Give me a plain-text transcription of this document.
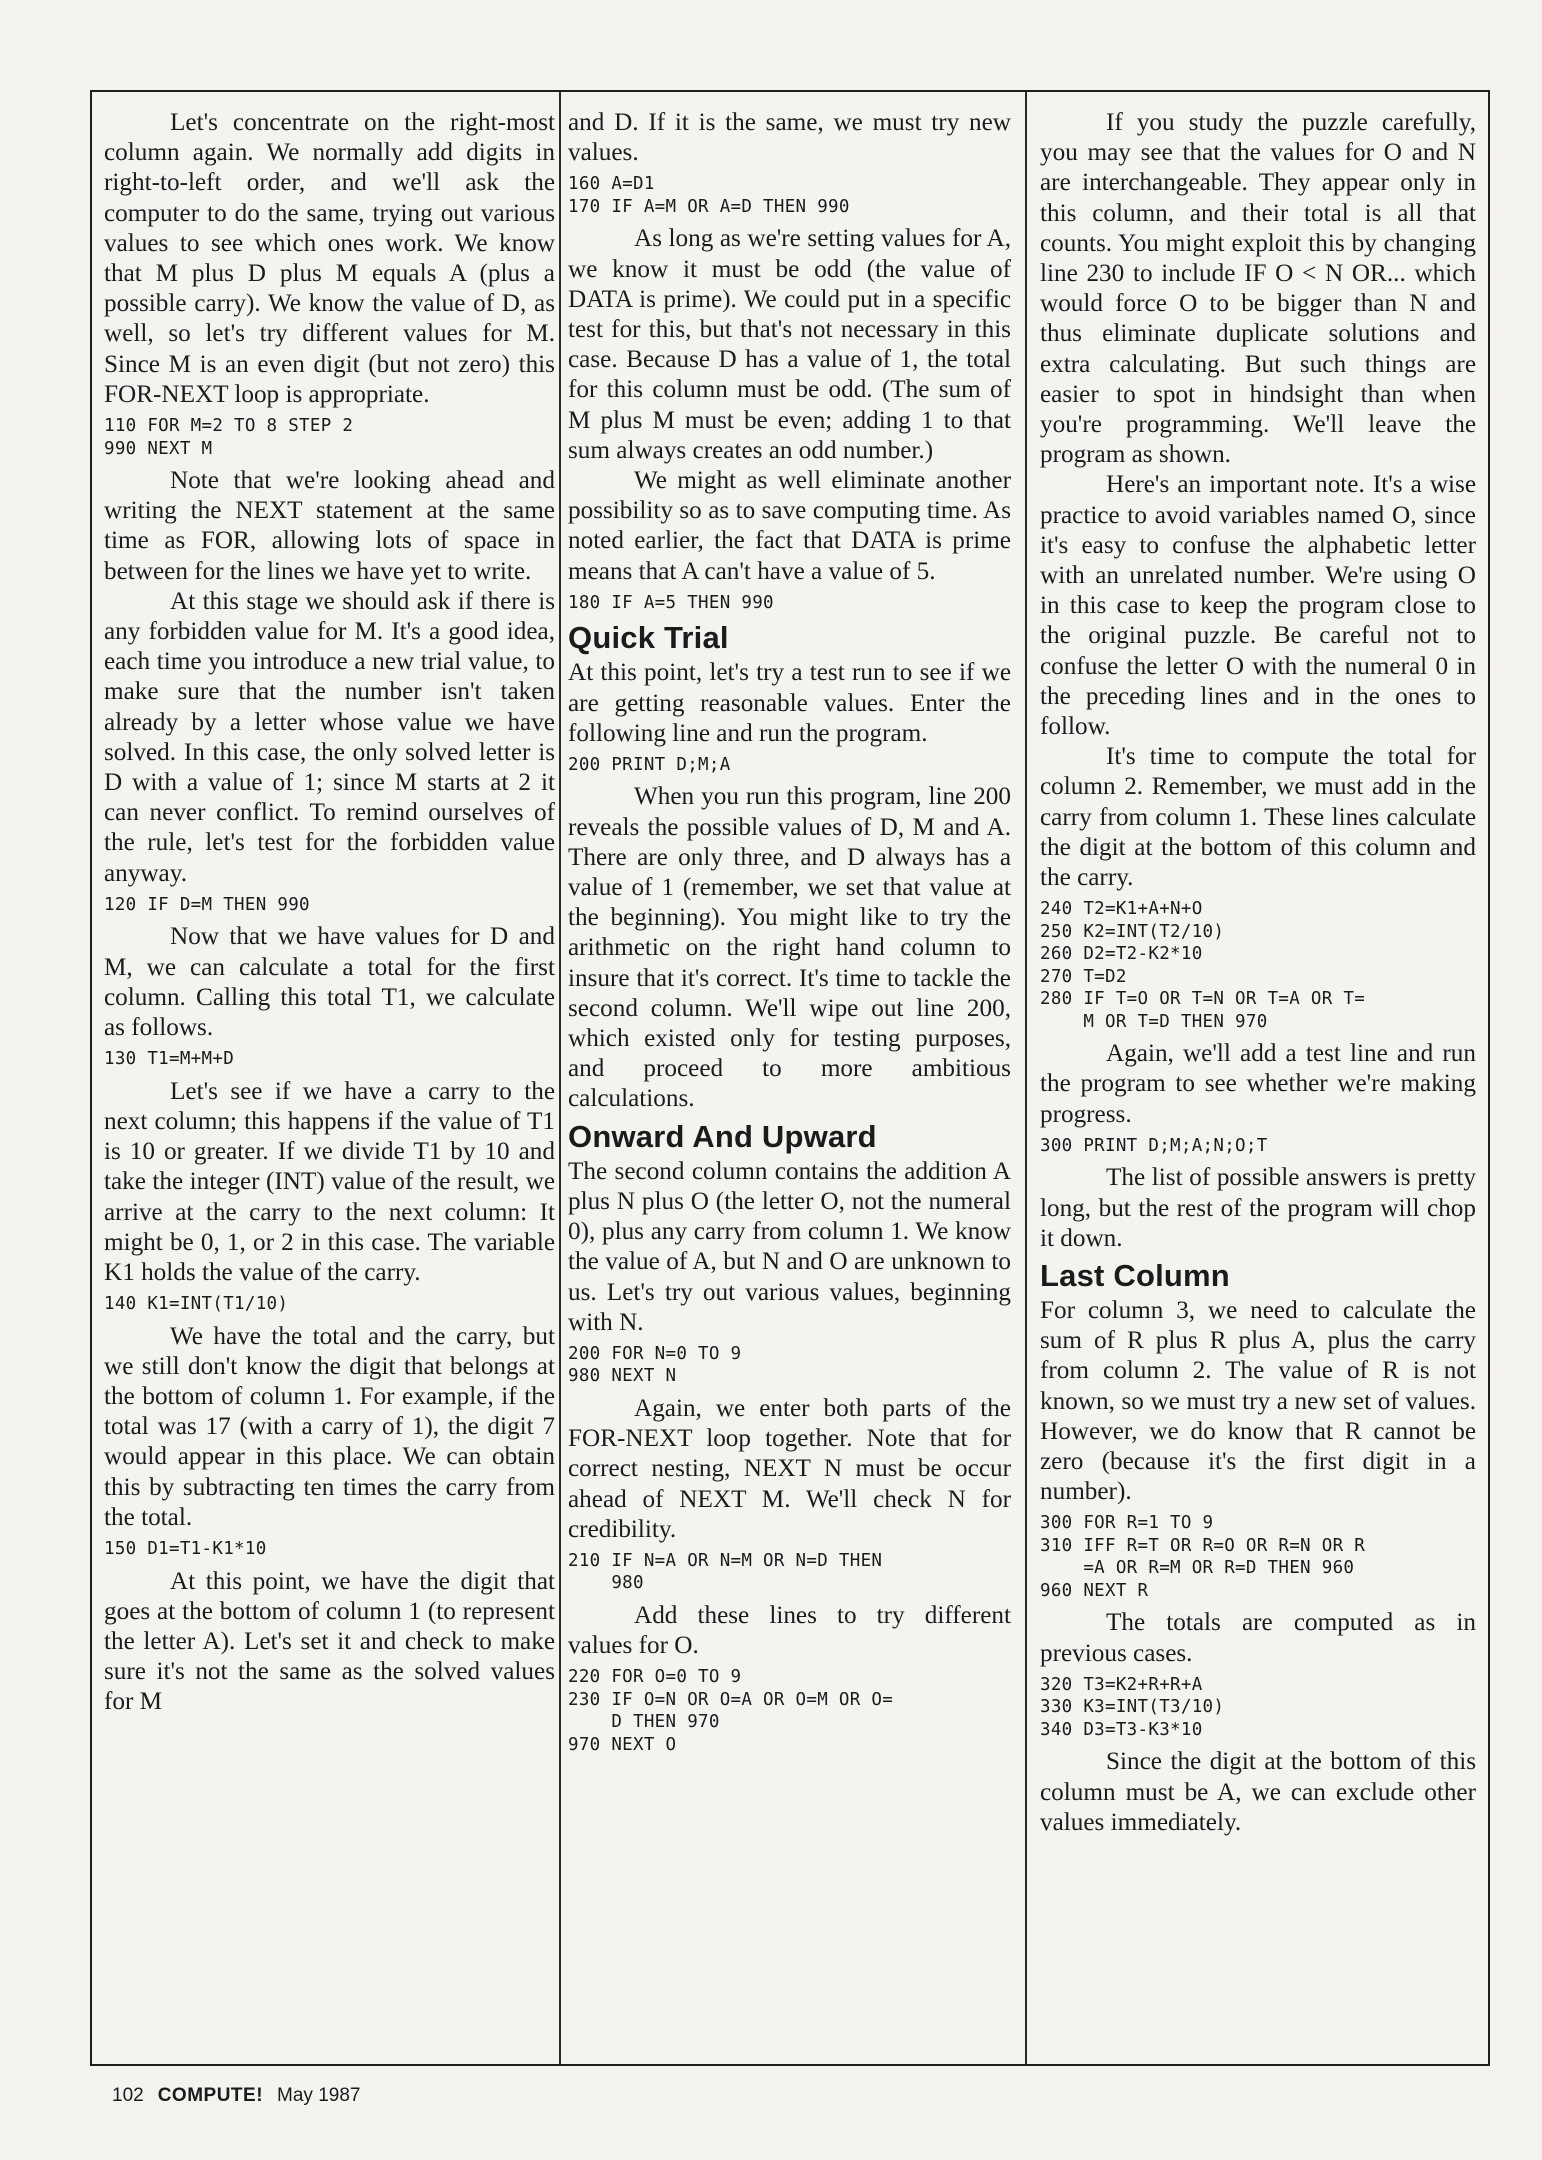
Let's concentrate on the right-most column again. We normally add digits in right-to-left order, and we'll ask the computer to do the same, trying out various values to see which ones work. We know that M plus D plus M equals A (plus a possible carry). We know the value of D, as well, so let's try different values for M. Since M is an even digit (but not zero) this FOR-NEXT loop is appropriate.

110 FOR M=2 TO 8 STEP 2
990 NEXT M

Note that we're looking ahead and writing the NEXT statement at the same time as FOR, allowing lots of space in between for the lines we have yet to write.

At this stage we should ask if there is any forbidden value for M. It's a good idea, each time you introduce a new trial value, to make sure that the number isn't taken already by a letter whose value we have solved. In this case, the only solved letter is D with a value of 1; since M starts at 2 it can never conflict. To remind ourselves of the rule, let's test for the forbidden value anyway.

120 IF D=M THEN 990

Now that we have values for D and M, we can calculate a total for the first column. Calling this total T1, we calculate as follows.

130 T1=M+M+D

Let's see if we have a carry to the next column; this happens if the value of T1 is 10 or greater. If we divide T1 by 10 and take the integer (INT) value of the result, we arrive at the carry to the next column: It might be 0, 1, or 2 in this case. The variable K1 holds the value of the carry.

140 K1=INT(T1/10)

We have the total and the carry, but we still don't know the digit that belongs at the bottom of column 1. For example, if the total was 17 (with a carry of 1), the digit 7 would appear in this place. We can obtain this by subtracting ten times the carry from the total.

150 D1=T1-K1*10

At this point, we have the digit that goes at the bottom of column 1 (to represent the letter A). Let's set it and check to make sure it's not the same as the solved values for M

and D. If it is the same, we must try new values.

160 A=D1
170 IF A=M OR A=D THEN 990

As long as we're setting values for A, we know it must be odd (the value of DATA is prime). We could put in a specific test for this, but that's not necessary in this case. Because D has a value of 1, the total for this column must be odd. (The sum of M plus M must be even; adding 1 to that sum always creates an odd number.)

We might as well eliminate another possibility so as to save computing time. As noted earlier, the fact that DATA is prime means that A can't have a value of 5.

180 IF A=5 THEN 990
Quick Trial

At this point, let's try a test run to see if we are getting reasonable values. Enter the following line and run the program.

200 PRINT D;M;A

When you run this program, line 200 reveals the possible values of D, M and A. There are only three, and D always has a value of 1 (remember, we set that value at the beginning). You might like to try the arithmetic on the right hand column to insure that it's correct. It's time to tackle the second column. We'll wipe out line 200, which existed only for testing purposes, and proceed to more ambitious calculations.

Onward And Upward

The second column contains the addition A plus N plus O (the letter O, not the numeral 0), plus any carry from column 1. We know the value of A, but N and O are unknown to us. Let's try out various values, beginning with N.

200 FOR N=0 TO 9
980 NEXT N

Again, we enter both parts of the FOR-NEXT loop together. Note that for correct nesting, NEXT N must be occur ahead of NEXT M. We'll check N for credibility.

210 IF N=A OR N=M OR N=D THEN
980

Add these lines to try different values for O.

220 FOR O=0 TO 9
230 IF O=N OR O=A OR O=M OR O=
D THEN 970
970 NEXT O

If you study the puzzle carefully, you may see that the values for O and N are interchangeable. They appear only in this column, and their total is all that counts. You might exploit this by changing line 230 to include IF O < N OR... which would force O to be bigger than N and thus eliminate duplicate solutions and extra calculating. But such things are easier to spot in hindsight than when you're programming. We'll leave the program as shown.

Here's an important note. It's a wise practice to avoid variables named O, since it's easy to confuse the alphabetic letter with an unrelated number. We're using O in this case to keep the program close to the original puzzle. Be careful not to confuse the letter O with the numeral 0 in the preceding lines and in the ones to follow.

It's time to compute the total for column 2. Remember, we must add in the carry from column 1. These lines calculate the digit at the bottom of this column and the carry.

240 T2=K1+A+N+O
250 K2=INT(T2/10)
260 D2=T2-K2*10
270 T=D2
280 IF T=O OR T=N OR T=A OR T=
M OR T=D THEN 970

Again, we'll add a test line and run the program to see whether we're making progress.

300 PRINT D;M;A;N;O;T

The list of possible answers is pretty long, but the rest of the program will chop it down.

Last Column

For column 3, we need to calculate the sum of R plus R plus A, plus the carry from column 2. The value of R is not known, so we must try a new set of values. However, we do know that R cannot be zero (because it's the first digit in a number).

300 FOR R=1 TO 9
310 IFF R=T OR R=O OR R=N OR R
=A OR R=M OR R=D THEN 960
960 NEXT R

The totals are computed as in previous cases.

320 T3=K2+R+R+A
330 K3=INT(T3/10)
340 D3=T3-K3*10

Since the digit at the bottom of this column must be A, we can exclude other values immediately.

102 COMPUTE! May 1987
